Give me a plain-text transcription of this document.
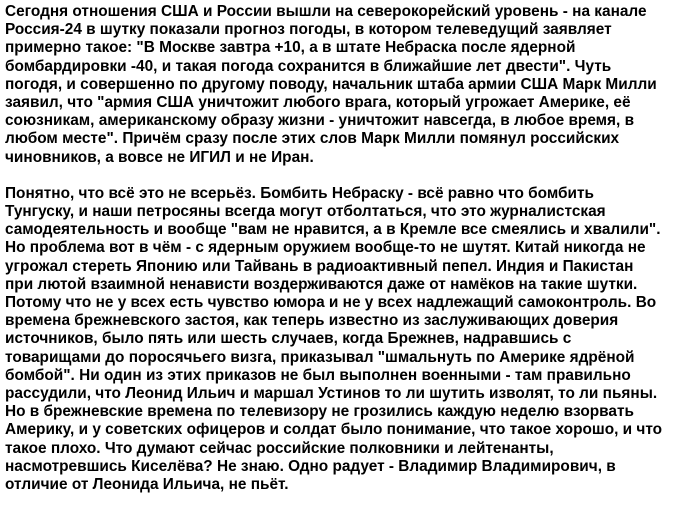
Сегодня отношения США и России вышли на северокорейский уровень - на канале
Россия-24 в шутку показали прогноз погоды, в котором телеведущий заявляет
примерно такое: "В Москве завтра +10, а в штате Небраска после ядерной
бомбардировки -40, и такая погода сохранится в ближайшие лет двести". Чуть
погодя, и совершенно по другому поводу, начальник штаба армии США Марк Милли
заявил, что "армия США уничтожит любого врага, который угрожает Америке, её
союзникам, американскому образу жизни - уничтожит навсегда, в любое время, в
любом месте". Причём сразу после этих слов Марк Милли помянул российских
чиновников, а вовсе не ИГИЛ и не Иран.
Понятно, что всё это не всерьёз. Бомбить Небраску - всё равно что бомбить
Тунгуску, и наши петросяны всегда могут отболтаться, что это журналистская
самодеятельность и вообще "вам не нравится, а в Кремле все смеялись и хвалили".
Но проблема вот в чём - с ядерным оружием вообще-то не шутят. Китай никогда не
угрожал стереть Японию или Тайвань в радиоактивный пепел. Индия и Пакистан
при лютой взаимной ненависти воздерживаются даже от намёков на такие шутки.
Потому что не у всех есть чувство юмора и не у всех надлежащий самоконтроль. Во
времена брежневского застоя, как теперь известно из заслуживающих доверия
источников, было пять или шесть случаев, когда Брежнев, надравшись с
товарищами до поросячьего визга, приказывал "шмальнуть по Америке ядрёной
бомбой". Ни один из этих приказов не был выполнен военными - там правильно
рассудили, что Леонид Ильич и маршал Устинов то ли шутить изволят, то ли пьяны.
Но в брежневские времена по телевизору не грозились каждую неделю взорвать
Америку, и у советских офицеров и солдат было понимание, что такое хорошо, и что
такое плохо. Что думают сейчас российские полковники и лейтенанты,
насмотревшись Киселёва? Не знаю. Одно радует - Владимир Владимирович, в
отличие от Леонида Ильича, не пьёт.
